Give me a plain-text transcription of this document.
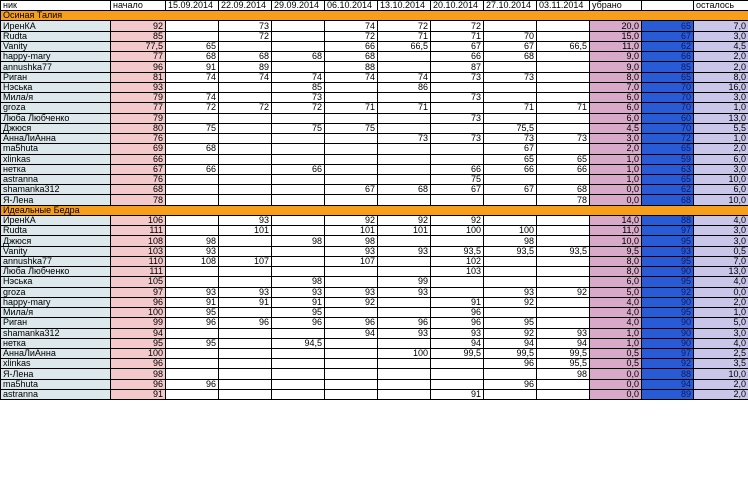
ник	начало	15.09.2014	22.09.2014	29.09.2014	06.10.2014	13.10.2014	20.10.2014	27.10.2014	03.11.2014	убрано	хочется	осталось
Осиная Талия												
ИренКА	92		73		74	72	72			20,0	65	7,0
Rudta	85		72		72	71	71	70		15,0	67	3,0
Vanity	77,5	65			66	66,5	67	67	66,5	11,0	62	4,5
happy-mary	77	68	68	68	68		66	68		9,0	66	2,0
annushka77	96	91	89		88		87			9,0	85	2,0
Риган	81	74	74	74	74	74	73	73		8,0	65	8,0
Нэська	93			85		86				7,0	70	16,0
Мила/я	79	74		73			73			6,0	70	3,0
groza	77	72	72	72	71	71		71	71	6,0	70	1,0
Люба Любченко	79						73			6,0	60	13,0
Джюся	80	75		75	75			75,5		4,5	70	5,5
АннаЛиАнна	76					73	73	73	73	3,0	72	1,0
ma5huta	69	68						67		2,0	65	2,0
xlinkas	66							65	65	1,0	59	6,0
нетка	67	66		66			66	66	66	1,0	63	3,0
astranna	76						75			1,0	65	10,0
shamanka312	68				67	68	67	67	68	0,0	62	6,0
Я-Лена	78								78	0,0	68	10,0
Идеальные Бедра												
ИренКА	106		93		92	92	92			14,0	88	4,0
Rudta	111		101		101	101	100	100		11,0	97	3,0
Джюся	108	98		98	98			98		10,0	95	3,0
Vanity	103	93			93	93	93,5	93,5	93,5	9,5	93	0,5
annushka77	110	108	107		107		102			8,0	95	7,0
Люба Любченко	111						103			8,0	90	13,0
Нэська	105			98		99				6,0	95	4,0
groza	97	93	93	93	93	93		93	92	5,0	92	0,0
happy-mary	96	91	91	91	92		91	92		4,0	90	2,0
Мила/я	100	95		95			96			4,0	95	1,0
Риган	99	96	96	96	96	96	96	95		4,0	90	5,0
shamanka312	94				94	93	93	92	93	1,0	90	3,0
нетка	95	95		94,5			94	94	94	1,0	90	4,0
АннаЛиАнна	100					100	99,5	99,5	99,5	0,5	97	2,5
xlinkas	96							96	95,5	0,5	92	3,5
Я-Лена	98								98	0,0	88	10,0
ma5huta	96	96						96		0,0	94	2,0
astranna	91						91			0,0	89	2,0
